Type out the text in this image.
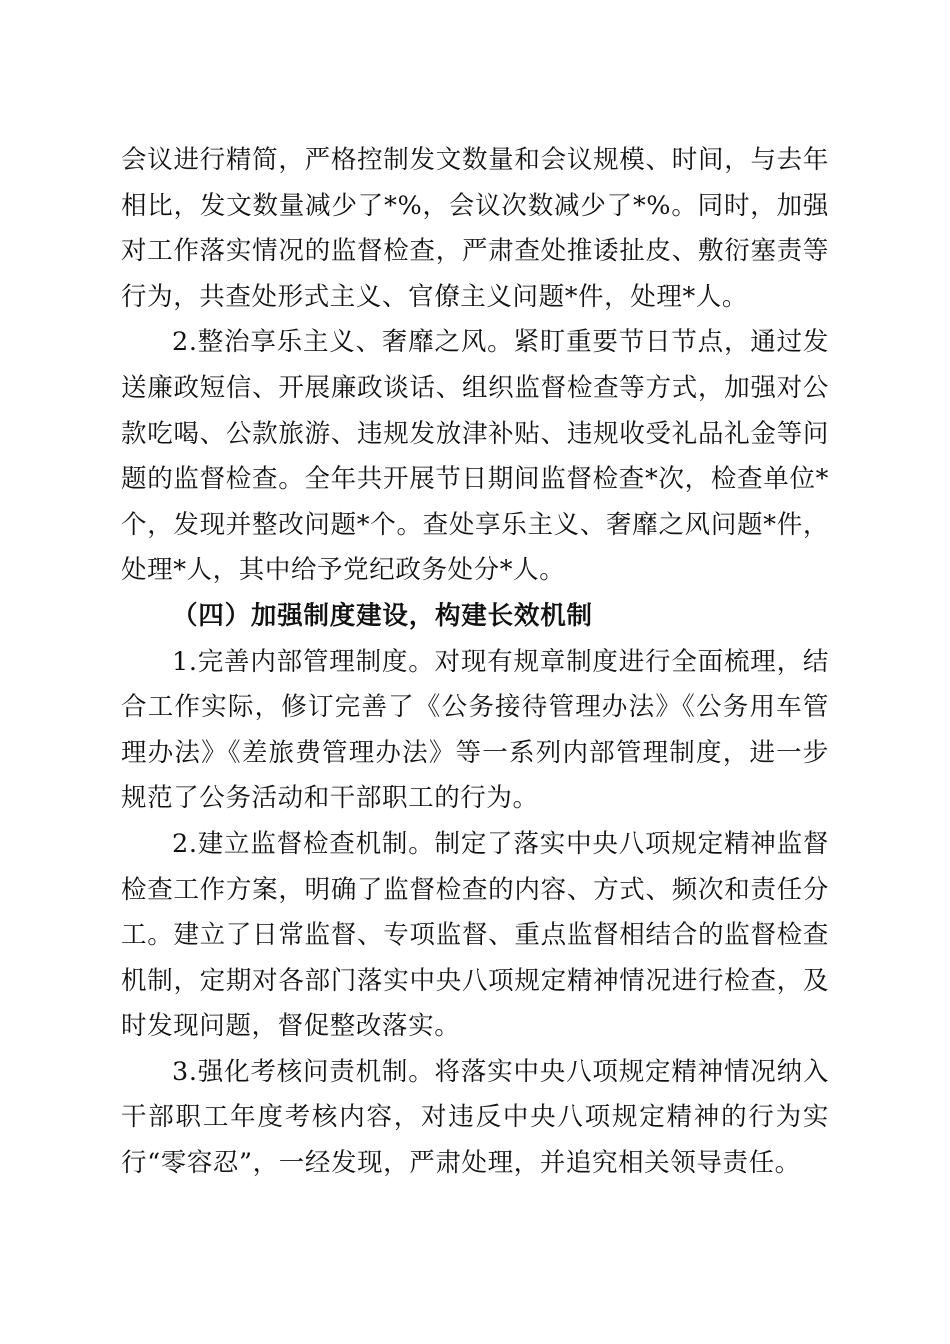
会议进行精简，严格控制发文数量和会议规模、时间，与去年相比，发文数量减少了*%，会议次数减少了*%。同时，加强对工作落实情况的监督检查，严肃查处推诿扯皮、敷衍塞责等行为，共查处形式主义、官僚主义问题*件，处理*人。

2.整治享乐主义、奢靡之风。紧盯重要节日节点，通过发送廉政短信、开展廉政谈话、组织监督检查等方式，加强对公款吃喝、公款旅游、违规发放津补贴、违规收受礼品礼金等问题的监督检查。全年共开展节日期间监督检查*次，检查单位*个，发现并整改问题*个。查处享乐主义、奢靡之风问题*件，处理*人，其中给予党纪政务处分*人。

（四）加强制度建设，构建长效机制

1.完善内部管理制度。对现有规章制度进行全面梳理，结合工作实际，修订完善了《公务接待管理办法》《公务用车管理办法》《差旅费管理办法》等一系列内部管理制度，进一步规范了公务活动和干部职工的行为。

2.建立监督检查机制。制定了落实中央八项规定精神监督检查工作方案，明确了监督检查的内容、方式、频次和责任分工。建立了日常监督、专项监督、重点监督相结合的监督检查机制，定期对各部门落实中央八项规定精神情况进行检查，及时发现问题，督促整改落实。

3.强化考核问责机制。将落实中央八项规定精神情况纳入干部职工年度考核内容，对违反中央八项规定精神的行为实行“零容忍”，一经发现，严肃处理，并追究相关领导责任。
